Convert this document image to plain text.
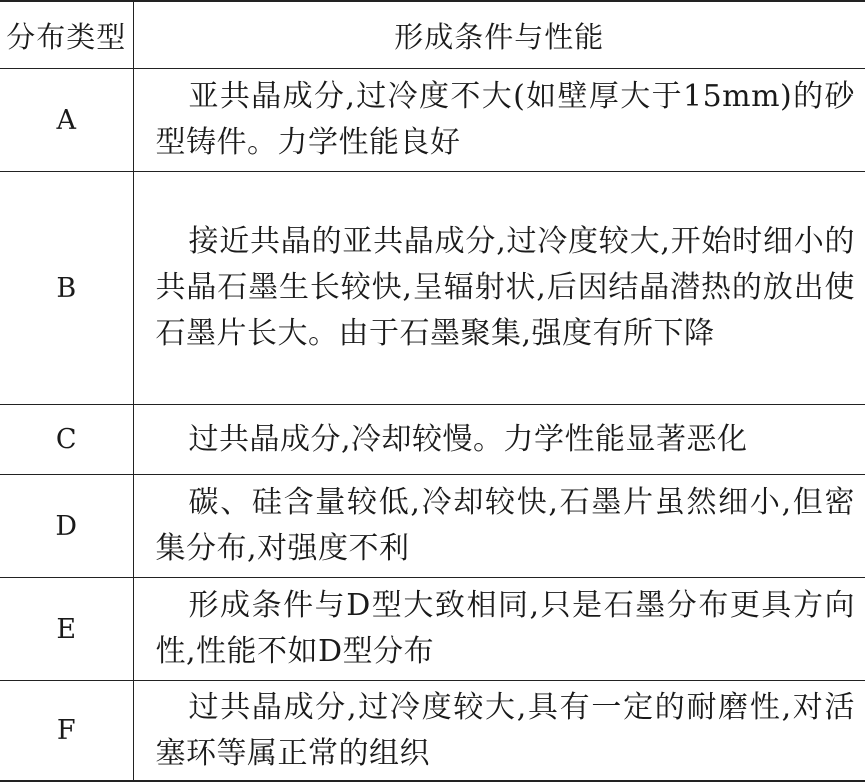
分布类型	形成条件与性能
A	亚共晶成分,过冷度不大(如壁厚大于15mm)的砂型铸件。力学性能良好

B	接近共晶的亚共晶成分,过冷度较大,开始时细小的共晶石墨生长较快,呈辐射状,后因结晶潜热的放出使石墨片长大。由于石墨聚集,强度有所下降

C	过共晶成分,冷却较慢。力学性能显著恶化

D	碳、硅含量较低,冷却较快,石墨片虽然细小,但密集分布,对强度不利

E	形成条件与D型大致相同,只是石墨分布更具方向性,性能不如D型分布

F	过共晶成分,过冷度较大,具有一定的耐磨性,对活塞环等属正常的组织
